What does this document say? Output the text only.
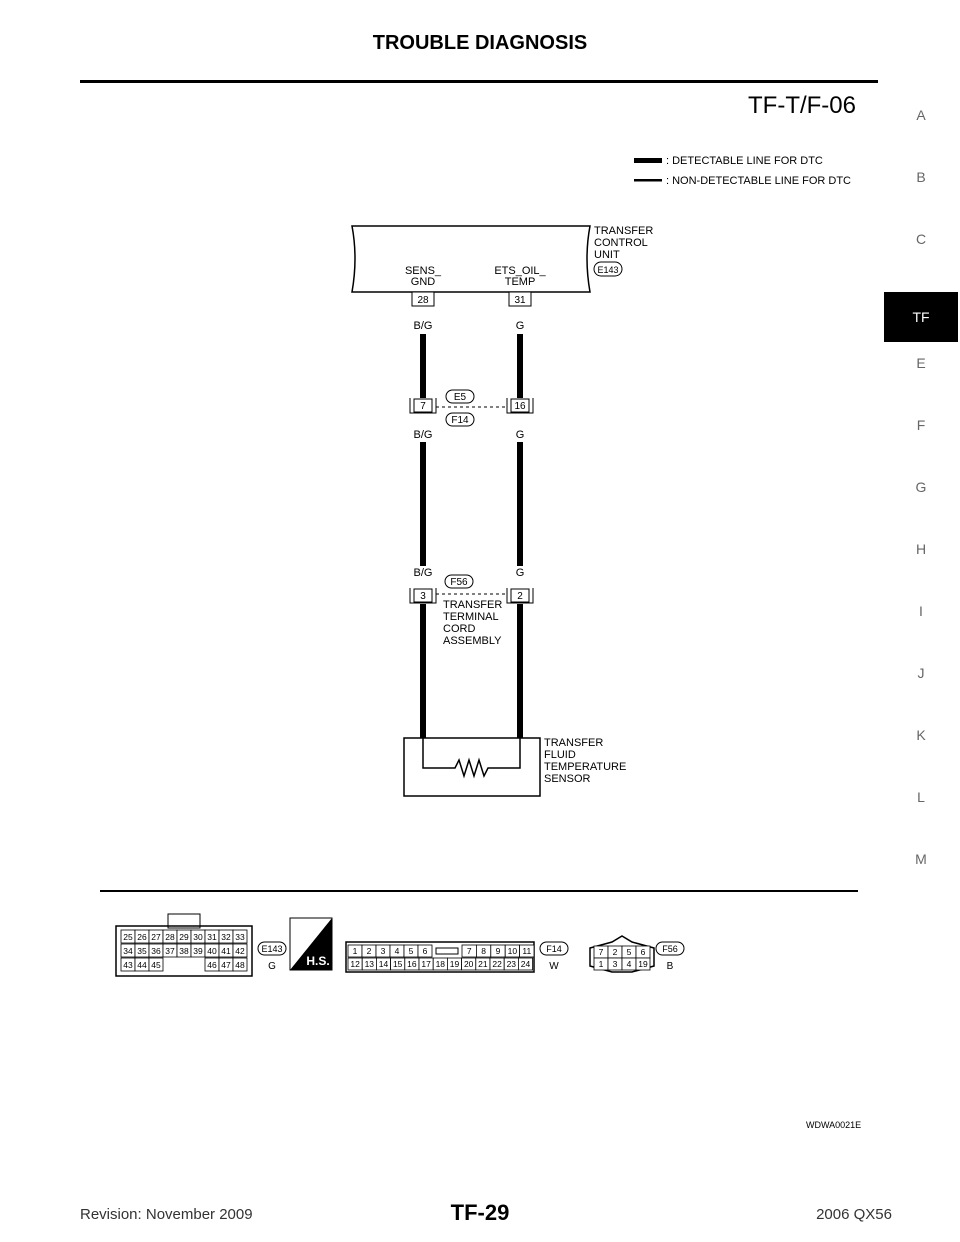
TROUBLE DIAGNOSIS
TF-T/F-06	A
B
C
TF
E
F
G
H
I
J
K
L
M
: DETECTABLE LINE FOR DTC
: NON-DETECTABLE LINE FOR DTC
TRANSFER
CONTROL
UNIT
E143
SENS_
GND
ETS_OIL_
TEMP
28	31
B/G	G
7	16
E5
F14
B/G	G
B/G	G
3	2
F56
TRANSFER
TERMINAL
CORD
ASSEMBLY
TRANSFER
FLUID
TEMPERATURE
SENSOR
25 26 27 28 29 30 31 32 33
34 35 36 37 38 39 40 41 42
43 44 45	46 47 48
E143
G	H.S.
1 2 3 4 5 6	7 8 9 10 11
12 13 14 15 16 17 18 19 20 21 22 23 24
F14
W
7 2 5 6
1 3 4 19
F56
B
WDWA0021E
Revision: November 2009	TF-29	2006 QX56
